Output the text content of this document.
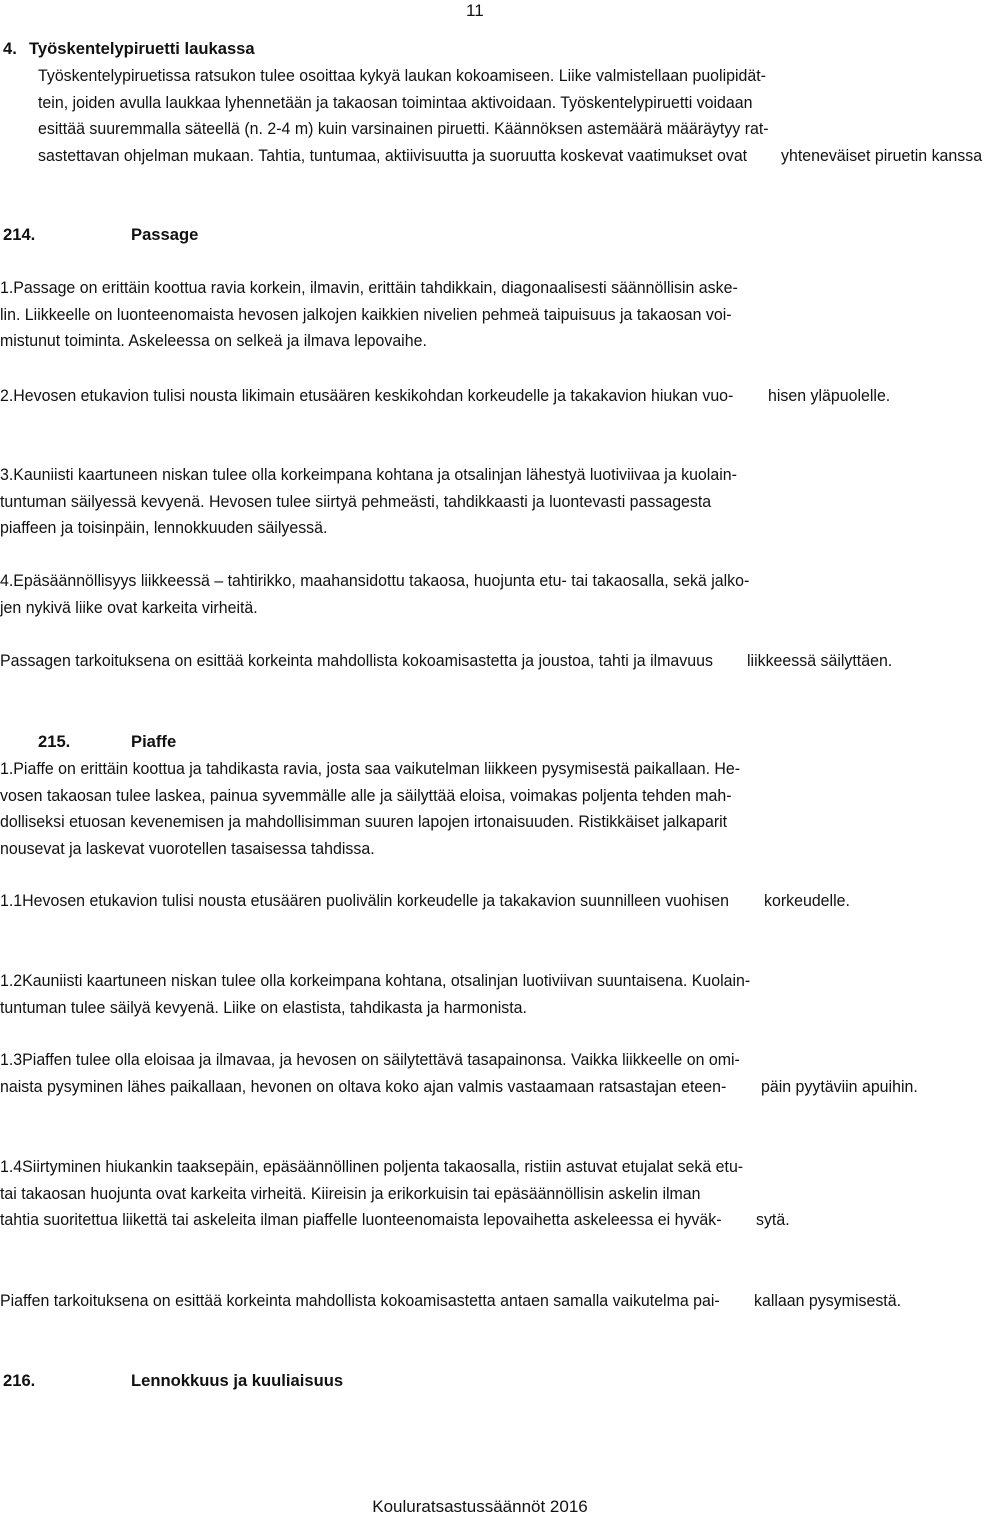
11
4. Työskentelypiruetti laukassa
Työskentelypiruetissa ratsukon tulee osoittaa kykyä laukan kokoamiseen. Liike valmistellaan puolipidät- tein, joiden avulla laukkaa lyhennetään ja takaosan toimintaa aktivoidaan. Työskentelypiruetti voidaan esittää suuremmalla säteellä (n. 2-4 m) kuin varsinainen piruetti. Käännöksen astemäärä määräytyy rat- sastettavan ohjelman mukaan. Tahtia, tuntumaa, aktiivisuutta ja suoruutta koskevat vaatimukset ovat yhteneväiset piruetin kanssa
214.	Passage
1.Passage on erittäin koottua ravia korkein, ilmavin, erittäin tahdikkain, diagonaalisesti säännöllisin aske- lin. Liikkeelle on luonteenomaista hevosen jalkojen kaikkien nivelien pehmeä taipuisuus ja takaosan voi- mistunut toiminta. Askeleessa on selkeä ja ilmava lepovaihe.
2.Hevosen etukavion tulisi nousta likimain etusäären keskikohdan korkeudelle ja takakavion hiukan vuo- hisen yläpuolelle.
3.Kauniisti kaartuneen niskan tulee olla korkeimpana kohtana ja otsalinjan lähestyä luotiviivaa ja kuolain- tuntuman säilyessä kevyenä. Hevosen tulee siirtyä pehmeästi, tahdikkaasti ja luontevasti passagesta piaffeen ja toisinpäin, lennokkuuden säilyessä.
4.Epäsäännöllisyys liikkeessä – tahtirikko, maahansidottu takaosa, huojunta etu- tai takaosalla, sekä jalko- jen nykivä liike ovat karkeita virheitä.
Passagen tarkoituksena on esittää korkeinta mahdollista kokoamisastetta ja joustoa, tahti ja ilmavuus liikkeessä säilyttäen.
215.	Piaffe
1.Piaffe on erittäin koottua ja tahdikasta ravia, josta saa vaikutelman liikkeen pysymisestä paikallaan. He- vosen takaosan tulee laskea, painua syvemmälle alle ja säilyttää eloisa, voimakas poljenta tehden mah- dolliseksi etuosan kevenemisen ja mahdollisimman suuren lapojen irtonaisuuden. Ristikkäiset jalkaparit nousevat ja laskevat vuorotellen tasaisessa tahdissa.
1.1Hevosen etukavion tulisi nousta etusäären puolivälin korkeudelle ja takakavion suunnilleen vuohisen korkeudelle.
1.2Kauniisti kaartuneen niskan tulee olla korkeimpana kohtana, otsalinjan luotiviivan suuntaisena. Kuolain- tuntuman tulee säilyä kevyenä. Liike on elastista, tahdikasta ja harmonista.
1.3Piaffen tulee olla eloisaa ja ilmavaa, ja hevosen on säilytettävä tasapainonsa. Vaikka liikkeelle on omi- naista pysyminen lähes paikallaan, hevonen on oltava koko ajan valmis vastaamaan ratsastajan eteen- päin pyytäviin apuihin.
1.4Siirtyminen hiukankin taaksepäin, epäsäännöllinen poljenta takaosalla, ristiin astuvat etujalat sekä etu- tai takaosan huojunta ovat karkeita virheitä. Kiireisin ja erikorkuisin tai epäsäännöllisin askelin ilman tahtia suoritettua liikettä tai askeleita ilman piaffelle luonteenomaista lepovaihetta askeleessa ei hyväk- sytä.
Piaffen tarkoituksena on esittää korkeinta mahdollista kokoamisastetta antaen samalla vaikutelma pai- kallaan pysymisestä.
216.	Lennokkuus ja kuuliaisuus
Kouluratsastussäännöt 2016
